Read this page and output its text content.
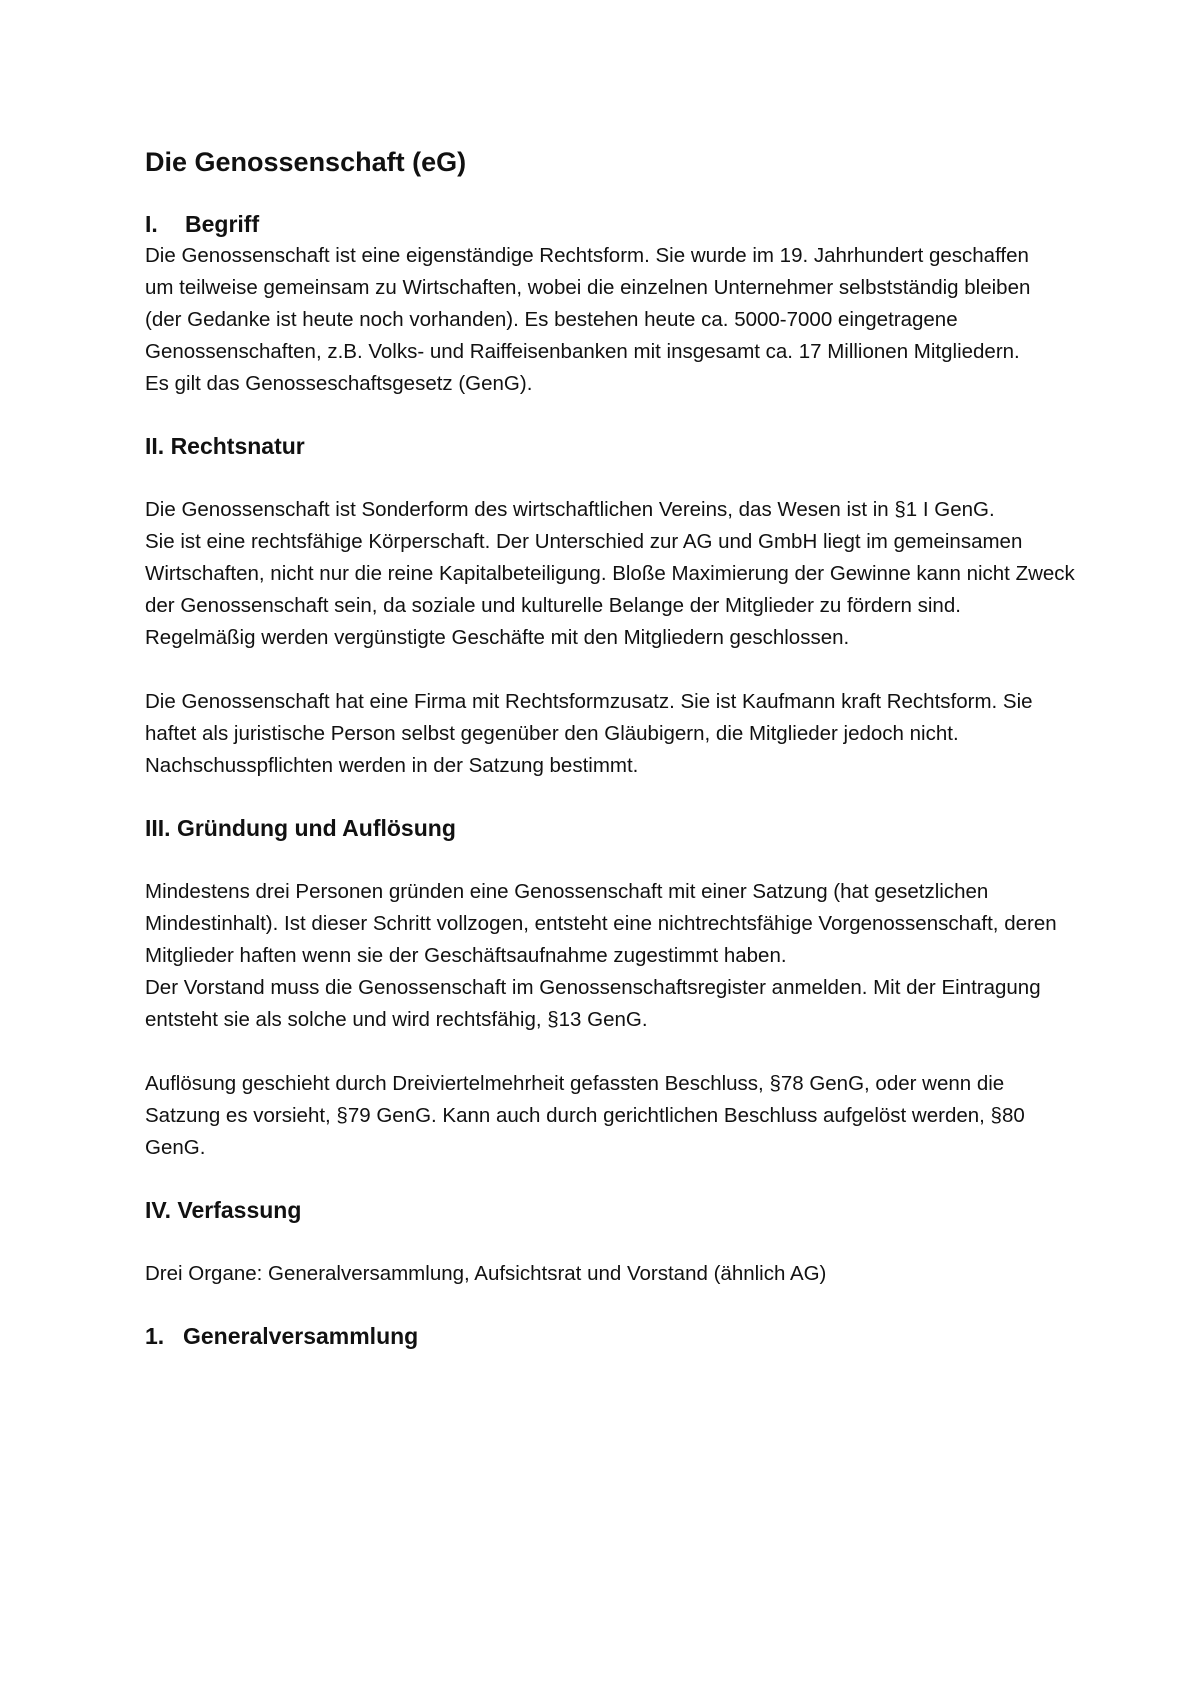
Die Genossenschaft (eG)
I. Begriff

Die Genossenschaft ist eine eigenständige Rechtsform. Sie wurde im 19. Jahrhundert geschaffen um teilweise gemeinsam zu Wirtschaften, wobei die einzelnen Unternehmer selbstständig bleiben (der Gedanke ist heute noch vorhanden). Es bestehen heute ca. 5000-7000 eingetragene Genossenschaften, z.B. Volks- und Raiffeisenbanken mit insgesamt ca. 17 Millionen Mitgliedern.

Es gilt das Genosseschaftsgesetz (GenG).

II. Rechtsnatur

Die Genossenschaft ist Sonderform des wirtschaftlichen Vereins, das Wesen ist in §1 I GenG.

Sie ist eine rechtsfähige Körperschaft. Der Unterschied zur AG und GmbH liegt im gemeinsamen Wirtschaften, nicht nur die reine Kapitalbeteiligung. Bloße Maximierung der Gewinne kann nicht Zweck der Genossenschaft sein, da soziale und kulturelle Belange der Mitglieder zu fördern sind.

Regelmäßig werden vergünstigte Geschäfte mit den Mitgliedern geschlossen.

Die Genossenschaft hat eine Firma mit Rechtsformzusatz. Sie ist Kaufmann kraft Rechtsform. Sie haftet als juristische Person selbst gegenüber den Gläubigern, die Mitglieder jedoch nicht. Nachschusspflichten werden in der Satzung bestimmt.

III. Gründung und Auflösung

Mindestens drei Personen gründen eine Genossenschaft mit einer Satzung (hat gesetzlichen Mindestinhalt). Ist dieser Schritt vollzogen, entsteht eine nichtrechtsfähige Vorgenossenschaft, deren Mitglieder haften wenn sie der Geschäftsaufnahme zugestimmt haben.

Der Vorstand muss die Genossenschaft im Genossenschaftsregister anmelden. Mit der Eintragung entsteht sie als solche und wird rechtsfähig, §13 GenG.

Auflösung geschieht durch Dreiviertelmehrheit gefassten Beschluss, §78 GenG, oder wenn die Satzung es vorsieht, §79 GenG. Kann auch durch gerichtlichen Beschluss aufgelöst werden, §80 GenG.

IV. Verfassung

Drei Organe: Generalversammlung, Aufsichtsrat und Vorstand (ähnlich AG)

1. Generalversammlung
